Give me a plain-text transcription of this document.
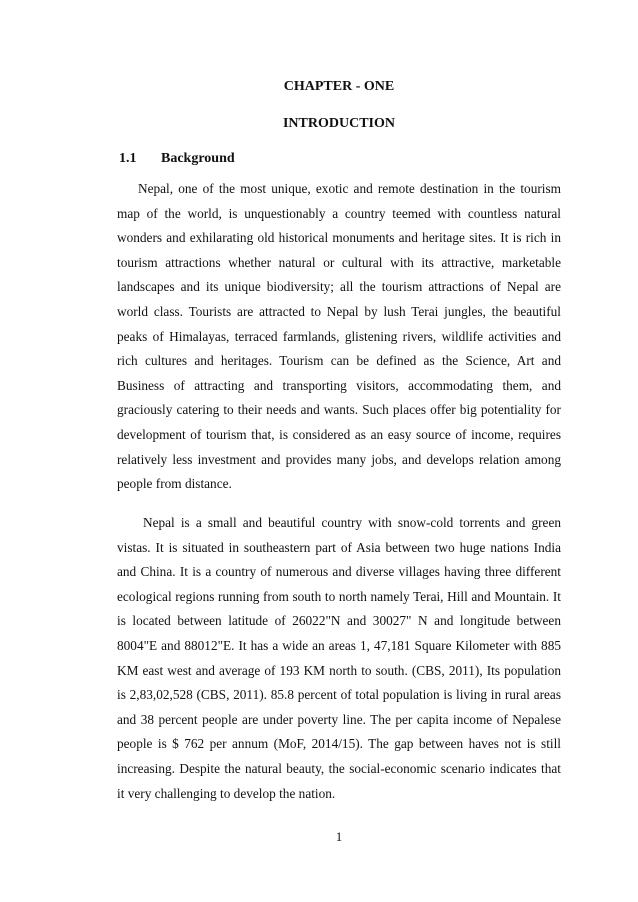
CHAPTER - ONE
INTRODUCTION
1.1 Background

Nepal, one of the most unique, exotic and remote destination in the tourism map of the world, is unquestionably a country teemed with countless natural wonders and exhilarating old historical monuments and heritage sites. It is rich in tourism attractions whether natural or cultural with its attractive, marketable landscapes and its unique biodiversity; all the tourism attractions of Nepal are world class. Tourists are attracted to Nepal by lush Terai jungles, the beautiful peaks of Himalayas, terraced farmlands, glistening rivers, wildlife activities and rich cultures and heritages. Tourism can be defined as the Science, Art and Business of attracting and transporting visitors, accommodating them, and graciously catering to their needs and wants. Such places offer big potentiality for development of tourism that, is considered as an easy source of income, requires relatively less investment and provides many jobs, and develops relation among people from distance.

Nepal is a small and beautiful country with snow-cold torrents and green vistas. It is situated in southeastern part of Asia between two huge nations India and China. It is a country of numerous and diverse villages having three different ecological regions running from south to north namely Terai, Hill and Mountain. It is located between latitude of 26022"N and 30027" N and longitude between 8004"E and 88012"E. It has a wide an areas 1, 47,181 Square Kilometer with 885 KM east west and average of 193 KM north to south. (CBS, 2011), Its population is 2,83,02,528 (CBS, 2011). 85.8 percent of total population is living in rural areas and 38 percent people are under poverty line. The per capita income of Nepalese people is $ 762 per annum (MoF, 2014/15). The gap between haves not is still increasing. Despite the natural beauty, the social-economic scenario indicates that it very challenging to develop the nation.

1
